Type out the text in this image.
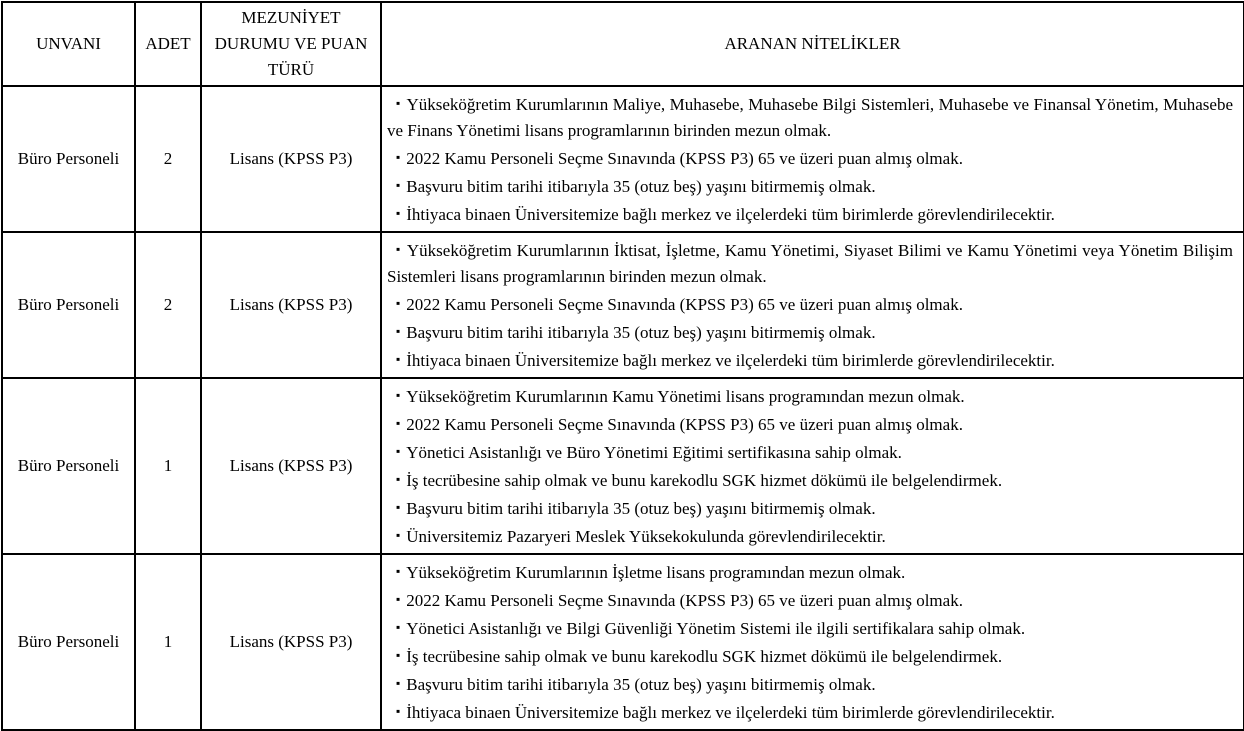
UNVANI	ADET	MEZUNİYET DURUMU VE PUAN TÜRÜ	ARANAN NİTELİKLER
Büro Personeli	2	Lisans (KPSS P3)	▪ Yükseköğretim Kurumlarının Maliye, Muhasebe, Muhasebe Bilgi Sistemleri, Muhasebe ve Finansal Yönetim, Muhasebe ve Finans Yönetimi lisans programlarının birinden mezun olmak.

▪ 2022 Kamu Personeli Seçme Sınavında (KPSS P3) 65 ve üzeri puan almış olmak.

▪ Başvuru bitim tarihi itibarıyla 35 (otuz beş) yaşını bitirmemiş olmak.

▪ İhtiyaca binaen Üniversitemize bağlı merkez ve ilçelerdeki tüm birimlerde görevlendirilecektir.

Büro Personeli	2	Lisans (KPSS P3)	▪ Yükseköğretim Kurumlarının İktisat, İşletme, Kamu Yönetimi, Siyaset Bilimi ve Kamu Yönetimi veya Yönetim Bilişim Sistemleri lisans programlarının birinden mezun olmak.

▪ 2022 Kamu Personeli Seçme Sınavında (KPSS P3) 65 ve üzeri puan almış olmak.

▪ Başvuru bitim tarihi itibarıyla 35 (otuz beş) yaşını bitirmemiş olmak.

▪ İhtiyaca binaen Üniversitemize bağlı merkez ve ilçelerdeki tüm birimlerde görevlendirilecektir.

Büro Personeli	1	Lisans (KPSS P3)	

▪ Yükseköğretim Kurumlarının Kamu Yönetimi lisans programından mezun olmak.

▪ 2022 Kamu Personeli Seçme Sınavında (KPSS P3) 65 ve üzeri puan almış olmak.

▪ Yönetici Asistanlığı ve Büro Yönetimi Eğitimi sertifikasına sahip olmak.

▪ İş tecrübesine sahip olmak ve bunu karekodlu SGK hizmet dökümü ile belgelendirmek.

▪ Başvuru bitim tarihi itibarıyla 35 (otuz beş) yaşını bitirmemiş olmak.

▪ Üniversitemiz Pazaryeri Meslek Yüksekokulunda görevlendirilecektir.

Büro Personeli	1	Lisans (KPSS P3)	

▪ Yükseköğretim Kurumlarının İşletme lisans programından mezun olmak.

▪ 2022 Kamu Personeli Seçme Sınavında (KPSS P3) 65 ve üzeri puan almış olmak.

▪ Yönetici Asistanlığı ve Bilgi Güvenliği Yönetim Sistemi ile ilgili sertifikalara sahip olmak.

▪ İş tecrübesine sahip olmak ve bunu karekodlu SGK hizmet dökümü ile belgelendirmek.

▪ Başvuru bitim tarihi itibarıyla 35 (otuz beş) yaşını bitirmemiş olmak.

▪ İhtiyaca binaen Üniversitemize bağlı merkez ve ilçelerdeki tüm birimlerde görevlendirilecektir.
